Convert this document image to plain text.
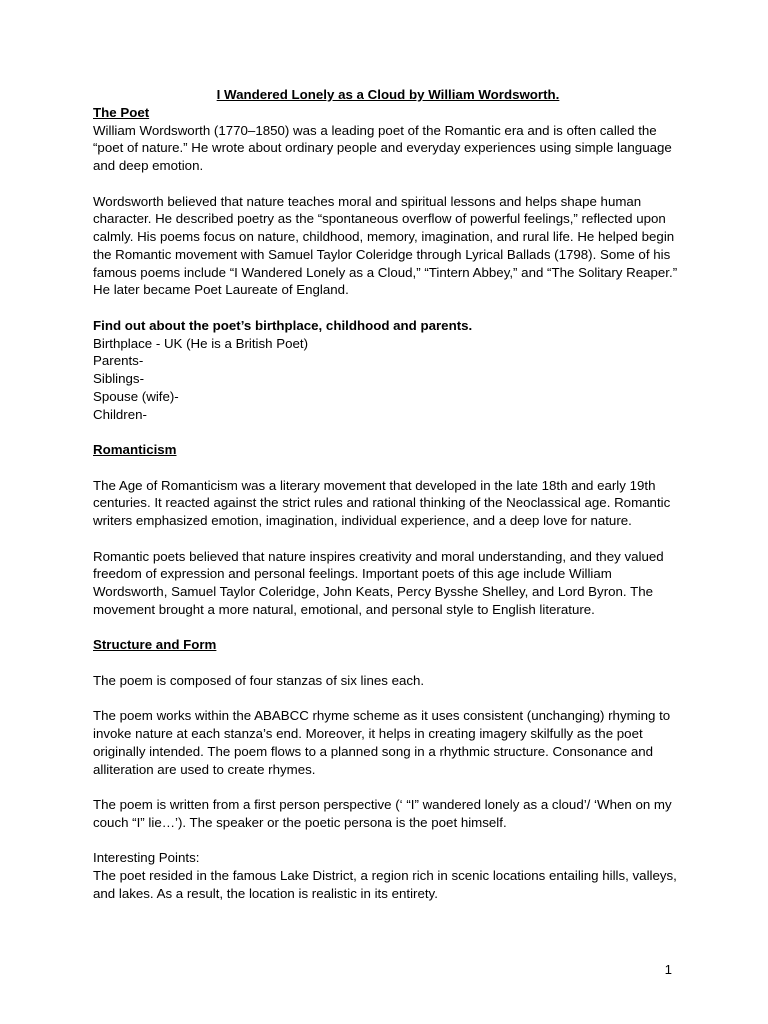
I Wandered Lonely as a Cloud by William Wordsworth.

The Poet

William Wordsworth (1770–1850) was a leading poet of the Romantic era and is often called the “poet of nature.” He wrote about ordinary people and everyday experiences using simple language and deep emotion.

Wordsworth believed that nature teaches moral and spiritual lessons and helps shape human character. He described poetry as the “spontaneous overflow of powerful feelings,” reflected upon calmly. His poems focus on nature, childhood, memory, imagination, and rural life. He helped begin the Romantic movement with Samuel Taylor Coleridge through Lyrical Ballads (1798). Some of his famous poems include “I Wandered Lonely as a Cloud,” “Tintern Abbey,” and “The Solitary Reaper.” He later became Poet Laureate of England.

Find out about the poet’s birthplace, childhood and parents.

Birthplace - UK (He is a British Poet)

Parents-

Siblings-

Spouse (wife)-

Children-

Romanticism

The Age of Romanticism was a literary movement that developed in the late 18th and early 19th centuries. It reacted against the strict rules and rational thinking of the Neoclassical age. Romantic writers emphasized emotion, imagination, individual experience, and a deep love for nature.

Romantic poets believed that nature inspires creativity and moral understanding, and they valued freedom of expression and personal feelings. Important poets of this age include William Wordsworth, Samuel Taylor Coleridge, John Keats, Percy Bysshe Shelley, and Lord Byron. The movement brought a more natural, emotional, and personal style to English literature.

Structure and Form

The poem is composed of four stanzas of six lines each.

The poem works within the ABABCC rhyme scheme as it uses consistent (unchanging) rhyming to invoke nature at each stanza’s end. Moreover, it helps in creating imagery skilfully as the poet originally intended. The poem flows to a planned song in a rhythmic structure. Consonance and alliteration are used to create rhymes.

The poem is written from a first person perspective (‘ “I” wandered lonely as a cloud’/ ‘When on my couch “I” lie…’). The speaker or the poetic persona is the poet himself.

Interesting Points:

The poet resided in the famous Lake District, a region rich in scenic locations entailing hills, valleys, and lakes. As a result, the location is realistic in its entirety.

1
